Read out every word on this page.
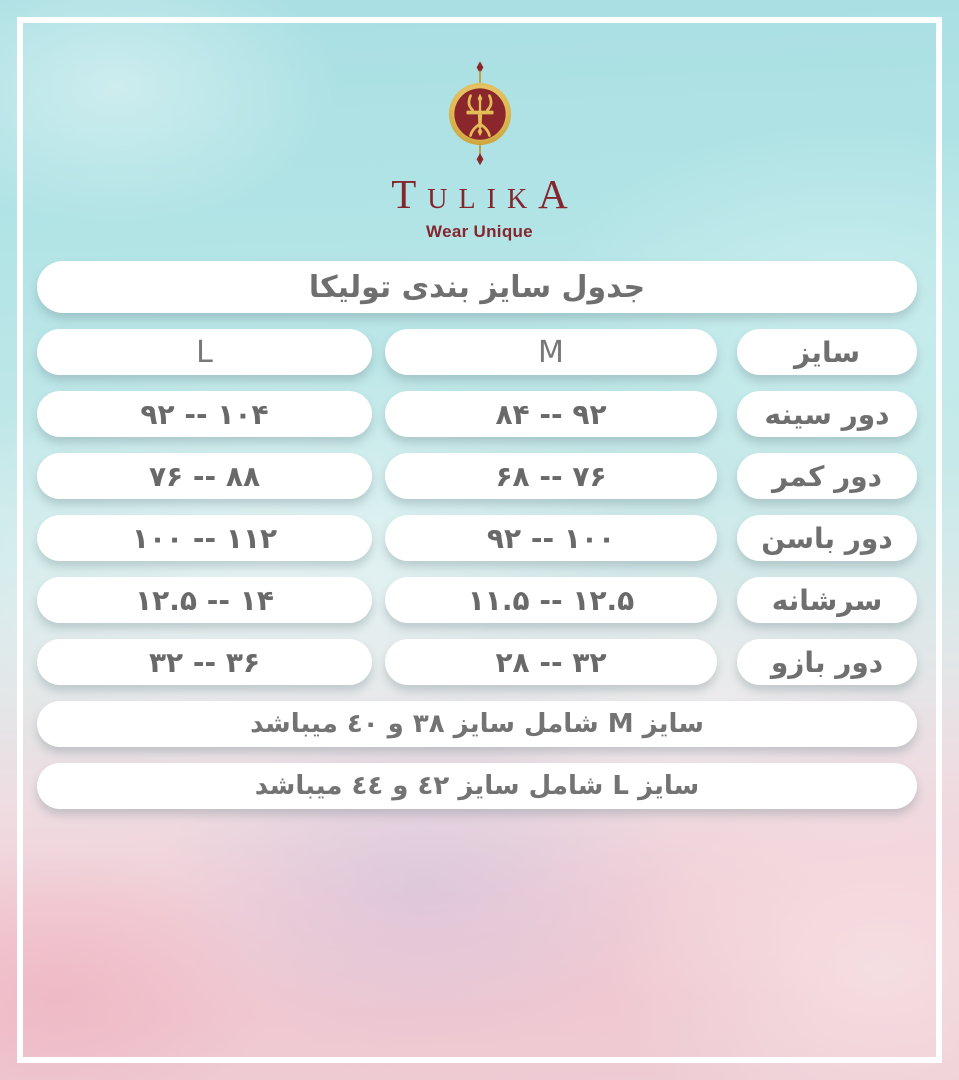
T U L I K A
Wear Unique
جدول سایز بندی تولیکا
L	M	سایز
۹۲ -- ۱۰۴	۸۴ -- ۹۲	دور سینه
۷۶ -- ۸۸	۶۸ -- ۷۶	دور کمر
۱۰۰ -- ۱۱۲	۹۲ -- ۱۰۰	دور باسن
۱۲.۵ -- ۱۴	۱۱.۵ -- ۱۲.۵	سرشانه
۳۲ -- ۳۶	۲۸ -- ۳۲	دور بازو
سایز M شامل سایز ۳۸ و ٤٠ میباشد
سایز L شامل سایز ٤٢ و ٤٤ میباشد
